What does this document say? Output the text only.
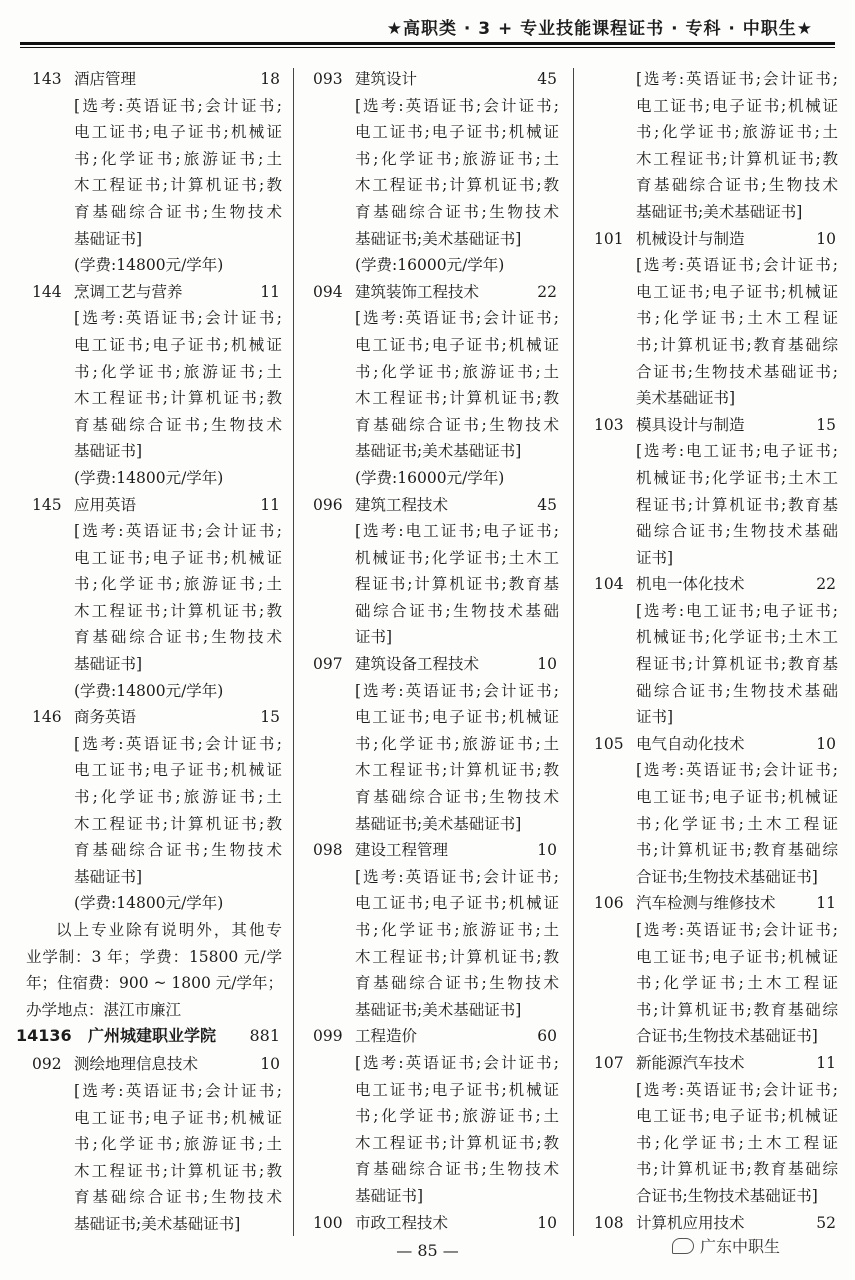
★高职类 · 3 + 专业技能课程证书 · 专科 · 中职生★
143 酒店管理	18
[选考:英语证书;会计证书;
电工证书;电子证书;机械证
书;化学证书;旅游证书;土
木工程证书;计算机证书;教
育基础综合证书;生物技术
基础证书]
(学费:14800元/学年)
144 烹调工艺与营养	11
[选考:英语证书;会计证书;
电工证书;电子证书;机械证
书;化学证书;旅游证书;土
木工程证书;计算机证书;教
育基础综合证书;生物技术
基础证书]
(学费:14800元/学年)
145 应用英语	11
[选考:英语证书;会计证书;
电工证书;电子证书;机械证
书;化学证书;旅游证书;土
木工程证书;计算机证书;教
育基础综合证书;生物技术
基础证书]
(学费:14800元/学年)
146 商务英语	15
[选考:英语证书;会计证书;
电工证书;电子证书;机械证
书;化学证书;旅游证书;土
木工程证书;计算机证书;教
育基础综合证书;生物技术
基础证书]
(学费:14800元/学年)
以上专业除有说明外，其他专
业学制：3 年；学费：15800 元/学
年；住宿费：900 ~ 1800 元/学年；
办学地点：湛江市廉江
14136 广州城建职业学院 881
092 测绘地理信息技术	10
[选考:英语证书;会计证书;
电工证书;电子证书;机械证
书;化学证书;旅游证书;土
木工程证书;计算机证书;教
育基础综合证书;生物技术
基础证书;美术基础证书]
093 建筑设计	45
[选考:英语证书;会计证书;
电工证书;电子证书;机械证
书;化学证书;旅游证书;土
木工程证书;计算机证书;教
育基础综合证书;生物技术
基础证书;美术基础证书]
(学费:16000元/学年)
094 建筑装饰工程技术	22
[选考:英语证书;会计证书;
电工证书;电子证书;机械证
书;化学证书;旅游证书;土
木工程证书;计算机证书;教
育基础综合证书;生物技术
基础证书;美术基础证书]
(学费:16000元/学年)
096 建筑工程技术	45
[选考:电工证书;电子证书;
机械证书;化学证书;土木工
程证书;计算机证书;教育基
础综合证书;生物技术基础
证书]
097 建筑设备工程技术	10
[选考:英语证书;会计证书;
电工证书;电子证书;机械证
书;化学证书;旅游证书;土
木工程证书;计算机证书;教
育基础综合证书;生物技术
基础证书;美术基础证书]
098 建设工程管理	10
[选考:英语证书;会计证书;
电工证书;电子证书;机械证
书;化学证书;旅游证书;土
木工程证书;计算机证书;教
育基础综合证书;生物技术
基础证书;美术基础证书]
099 工程造价	60
[选考:英语证书;会计证书;
电工证书;电子证书;机械证
书;化学证书;旅游证书;土
木工程证书;计算机证书;教
育基础综合证书;生物技术
基础证书]
100 市政工程技术	10
[选考:英语证书;会计证书;
电工证书;电子证书;机械证
书;化学证书;旅游证书;土
木工程证书;计算机证书;教
育基础综合证书;生物技术
基础证书;美术基础证书]
101 机械设计与制造	10
[选考:英语证书;会计证书;
电工证书;电子证书;机械证
书;化学证书;土木工程证
书;计算机证书;教育基础综
合证书;生物技术基础证书;
美术基础证书]
103 模具设计与制造	15
[选考:电工证书;电子证书;
机械证书;化学证书;土木工
程证书;计算机证书;教育基
础综合证书;生物技术基础
证书]
104 机电一体化技术	22
[选考:电工证书;电子证书;
机械证书;化学证书;土木工
程证书;计算机证书;教育基
础综合证书;生物技术基础
证书]
105 电气自动化技术	10
[选考:英语证书;会计证书;
电工证书;电子证书;机械证
书;化学证书;土木工程证
书;计算机证书;教育基础综
合证书;生物技术基础证书]
106 汽车检测与维修技术	11
[选考:英语证书;会计证书;
电工证书;电子证书;机械证
书;化学证书;土木工程证
书;计算机证书;教育基础综
合证书;生物技术基础证书]
107 新能源汽车技术	11
[选考:英语证书;会计证书;
电工证书;电子证书;机械证
书;化学证书;土木工程证
书;计算机证书;教育基础综
合证书;生物技术基础证书]
108 计算机应用技术	52
— 85 —	广东中职生
